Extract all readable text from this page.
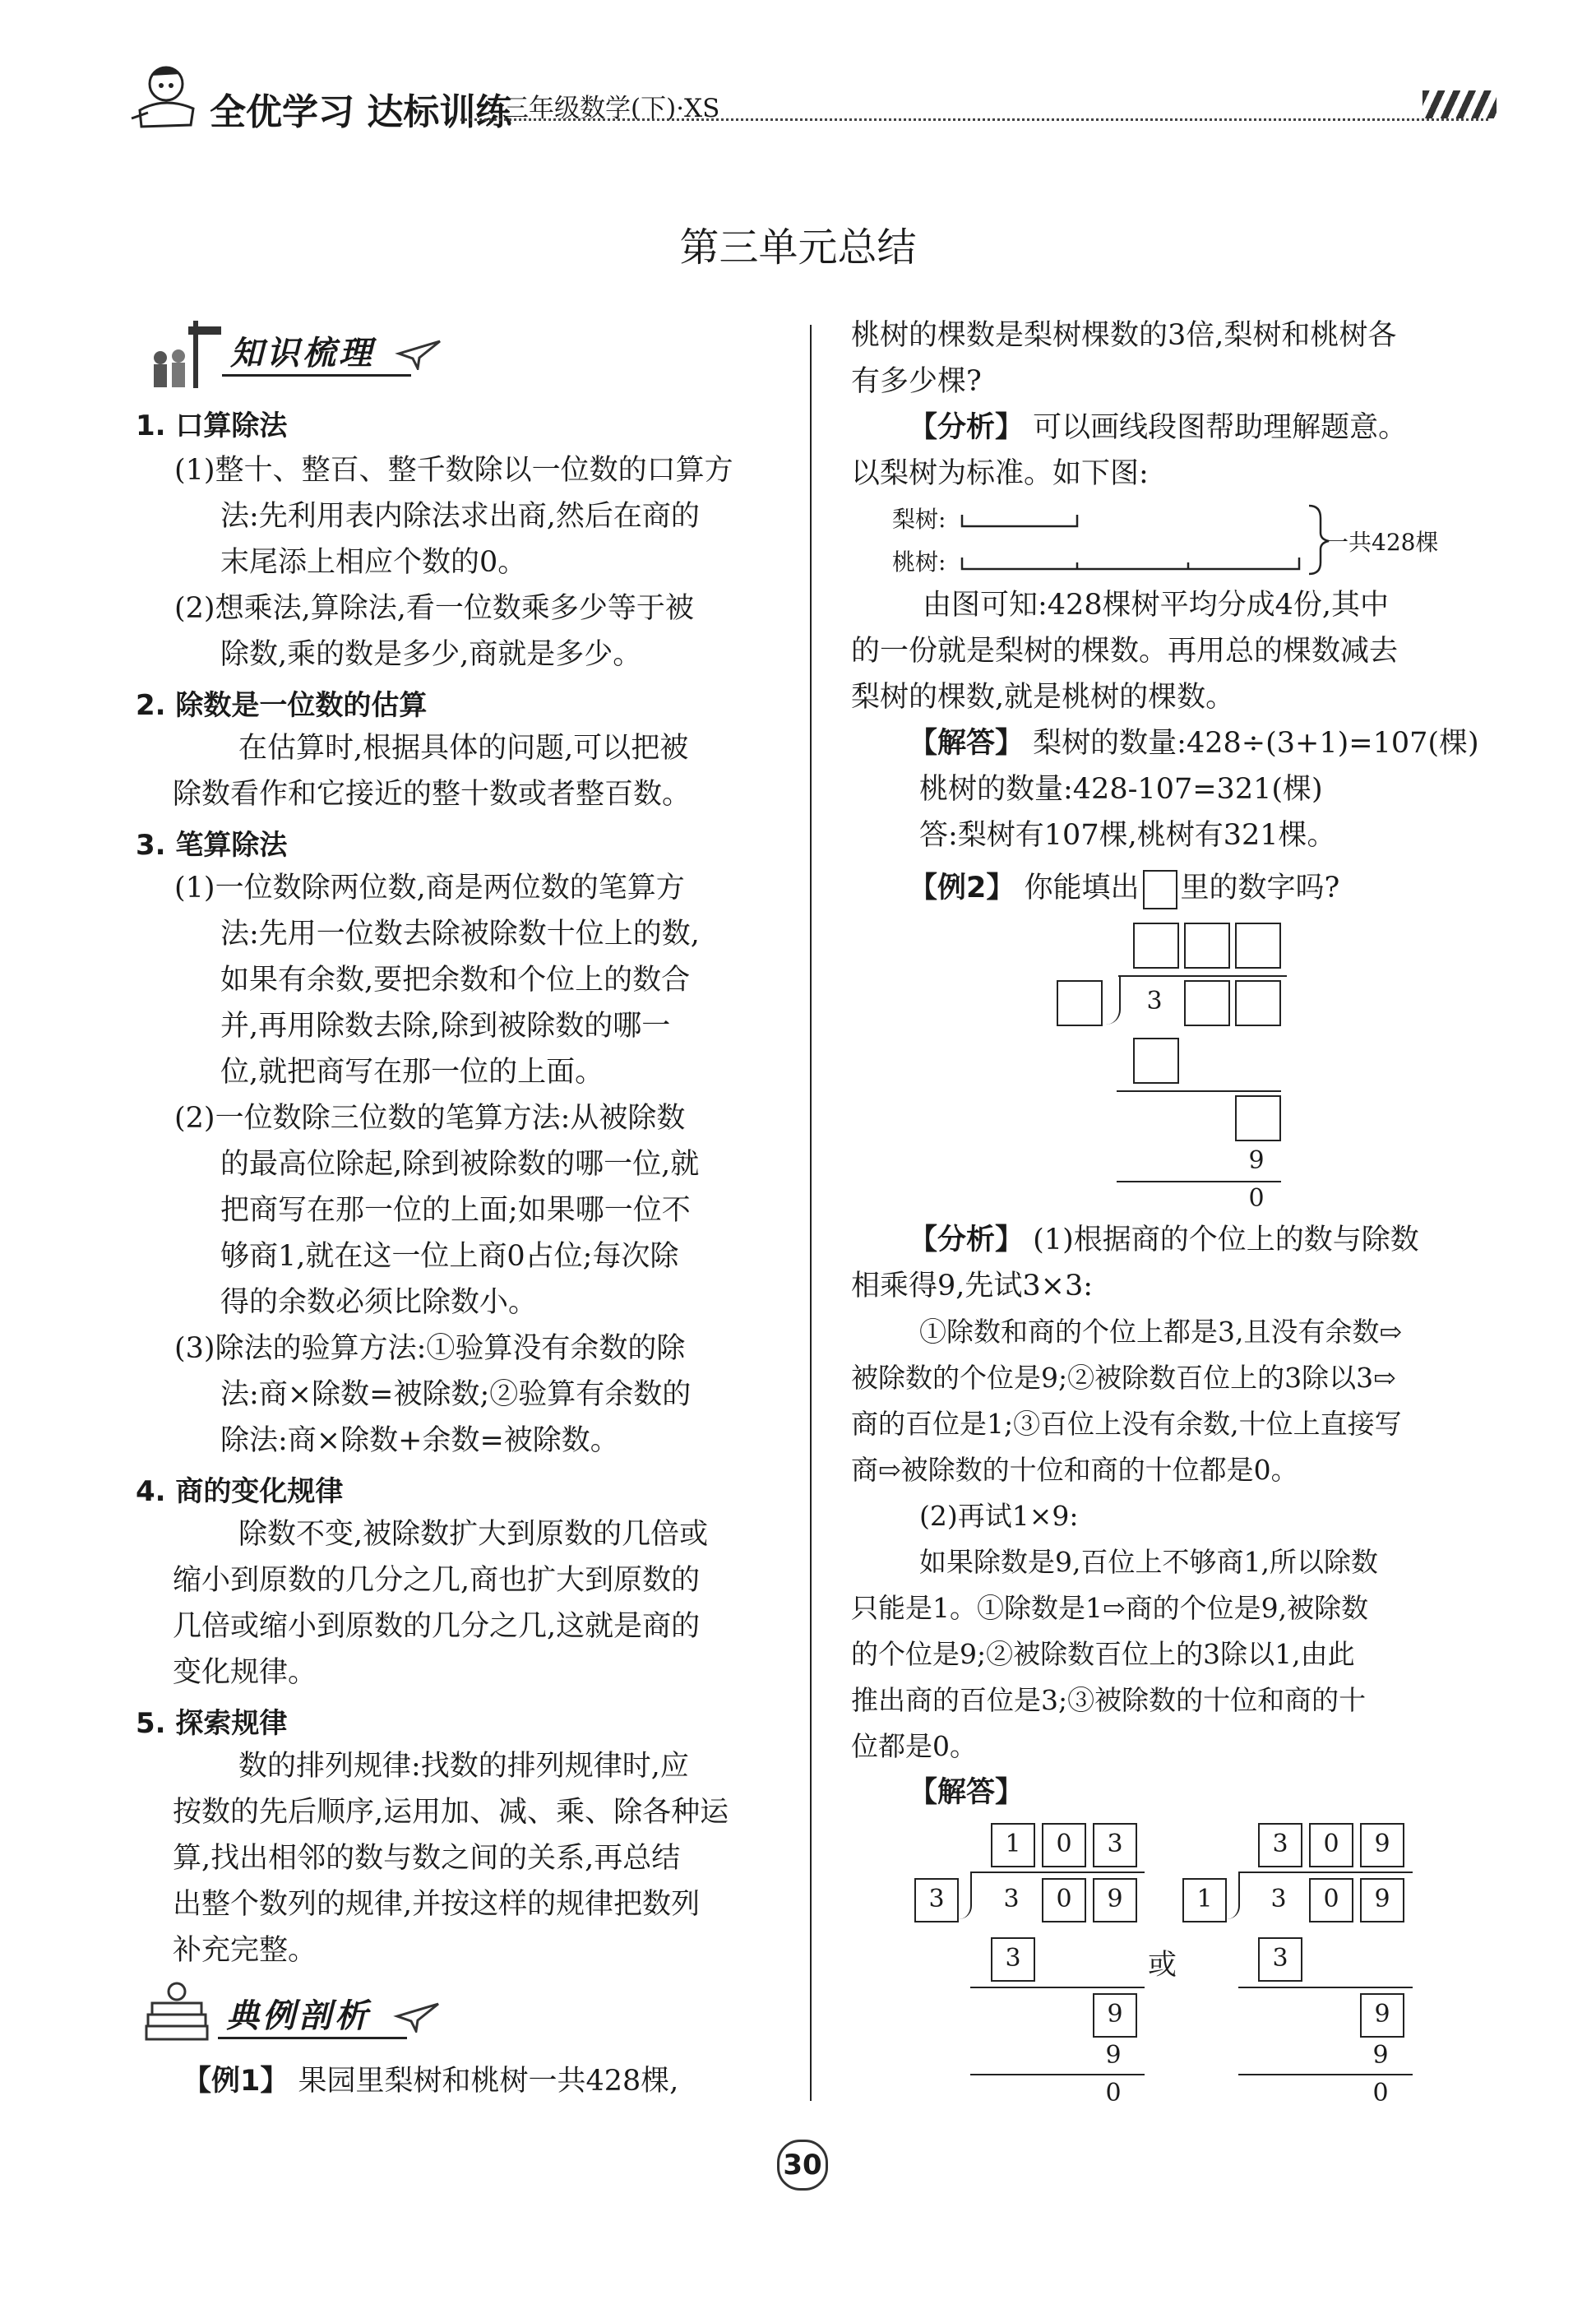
全优学习 达标训练
三年级数学(下)·XS
第三单元总结
知识梳理
1. 口算除法
(1)整十、整百、整千数除以一位数的口算方
法:先利用表内除法求出商,然后在商的
末尾添上相应个数的0。
(2)想乘法,算除法,看一位数乘多少等于被
除数,乘的数是多少,商就是多少。
2. 除数是一位数的估算
在估算时,根据具体的问题,可以把被
除数看作和它接近的整十数或者整百数。
3. 笔算除法
(1)一位数除两位数,商是两位数的笔算方
法:先用一位数去除被除数十位上的数,
如果有余数,要把余数和个位上的数合
并,再用除数去除,除到被除数的哪一
位,就把商写在那一位的上面。
(2)一位数除三位数的笔算方法:从被除数
的最高位除起,除到被除数的哪一位,就
把商写在那一位的上面;如果哪一位不
够商1,就在这一位上商0占位;每次除
得的余数必须比除数小。
(3)除法的验算方法:①验算没有余数的除
法:商×除数=被除数;②验算有余数的
除法:商×除数+余数=被除数。
4. 商的变化规律
除数不变,被除数扩大到原数的几倍或
缩小到原数的几分之几,商也扩大到原数的
几倍或缩小到原数的几分之几,这就是商的
变化规律。
5. 探索规律
数的排列规律:找数的排列规律时,应
按数的先后顺序,运用加、减、乘、除各种运
算,找出相邻的数与数之间的关系,再总结
出整个数列的规律,并按这样的规律把数列
补充完整。
典例剖析
【例1】 果园里梨树和桃树一共428棵,
桃树的棵数是梨树棵数的3倍,梨树和桃树各
有多少棵?
【分析】 可以画线段图帮助理解题意。
以梨树为标准。如下图:
梨树:
桃树:
一共428棵
由图可知:428棵树平均分成4份,其中
的一份就是梨树的棵数。再用总的棵数减去
梨树的棵数,就是桃树的棵数。
【解答】 梨树的数量:428÷(3+1)=107(棵)
桃树的数量:428-107=321(棵)
答:梨树有107棵,桃树有321棵。
【例2】 你能填出 里的数字吗?
3
9
0
【分析】 (1)根据商的个位上的数与除数
相乘得9,先试3×3:
①除数和商的个位上都是3,且没有余数⇨
被除数的个位是9;②被除数百位上的3除以3⇨
商的百位是1;③百位上没有余数,十位上直接写
商⇨被除数的十位和商的十位都是0。
(2)再试1×9:
如果除数是9,百位上不够商1,所以除数
只能是1。①除数是1⇨商的个位是9,被除数
的个位是9;②被除数百位上的3除以1,由此
推出商的百位是3;③被除数的十位和商的十
位都是0。
【解答】
1	0	3
3	3	0	9
3
9
9
0
或
3	0	9
1	3	0	9
3
9
9
0
30
